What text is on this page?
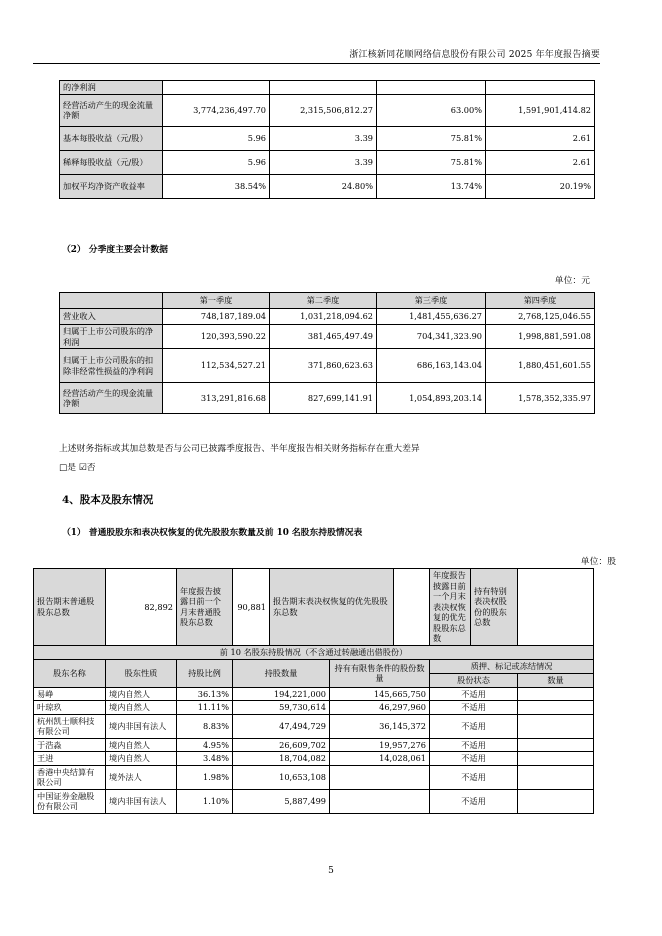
浙江核新同花顺网络信息股份有限公司 2025 年年度报告摘要
的净利润				
经营活动产生的现金流量净额	3,774,236,497.70	2,315,506,812.27	63.00%	1,591,901,414.82
基本每股收益（元/股）	5.96	3.39	75.81%	2.61
稀释每股收益（元/股）	5.96	3.39	75.81%	2.61
加权平均净资产收益率	38.54%	24.80%	13.74%	20.19%
（2） 分季度主要会计数据
单位：元
	第一季度	第二季度	第三季度	第四季度
营业收入	748,187,189.04	1,031,218,094.62	1,481,455,636.27	2,768,125,046.55
归属于上市公司股东的净利润	120,393,590.22	381,465,497.49	704,341,323.90	1,998,881,591.08
归属于上市公司股东的扣除非经常性损益的净利润	112,534,527.21	371,860,623.63	686,163,143.04	1,880,451,601.55
经营活动产生的现金流量净额	313,291,816.68	827,699,141.91	1,054,893,203.14	1,578,352,335.97
上述财务指标或其加总数是否与公司已披露季度报告、半年度报告相关财务指标存在重大差异
□是 ☑否
4、股本及股东情况
（1） 普通股股东和表决权恢复的优先股股东数量及前 10 名股东持股情况表
单位：股
报告期末普通股股东总数	82,892	年度报告披露日前一个月末普通股股东总数	90,881	报告期末表决权恢复的优先股股东总数			年度报告披露日前一个月末表决权恢复的优先股股东总数	持有特别表决权股份的股东总数	
前 10 名股东持股情况（不含通过转融通出借股份）									
股东名称	股东性质	持股比例	持股数量		持有有限售条件的股份数量		质押、标记或冻结情况		
							股份状态		数量
易峥	境内自然人	36.13%	194,221,000		145,665,750		不适用		
叶琼玖	境内自然人	11.11%	59,730,614		46,297,960		不适用		
杭州凯士顺科技有限公司	境内非国有法人	8.83%	47,494,729		36,145,372		不适用		
于浩淼	境内自然人	4.95%	26,609,702		19,957,276		不适用		
王进	境内自然人	3.48%	18,704,082		14,028,061		不适用		
香港中央结算有限公司	境外法人	1.98%	10,653,108				不适用		
中国证券金融股份有限公司	境内非国有法人	1.10%	5,887,499				不适用		
5
